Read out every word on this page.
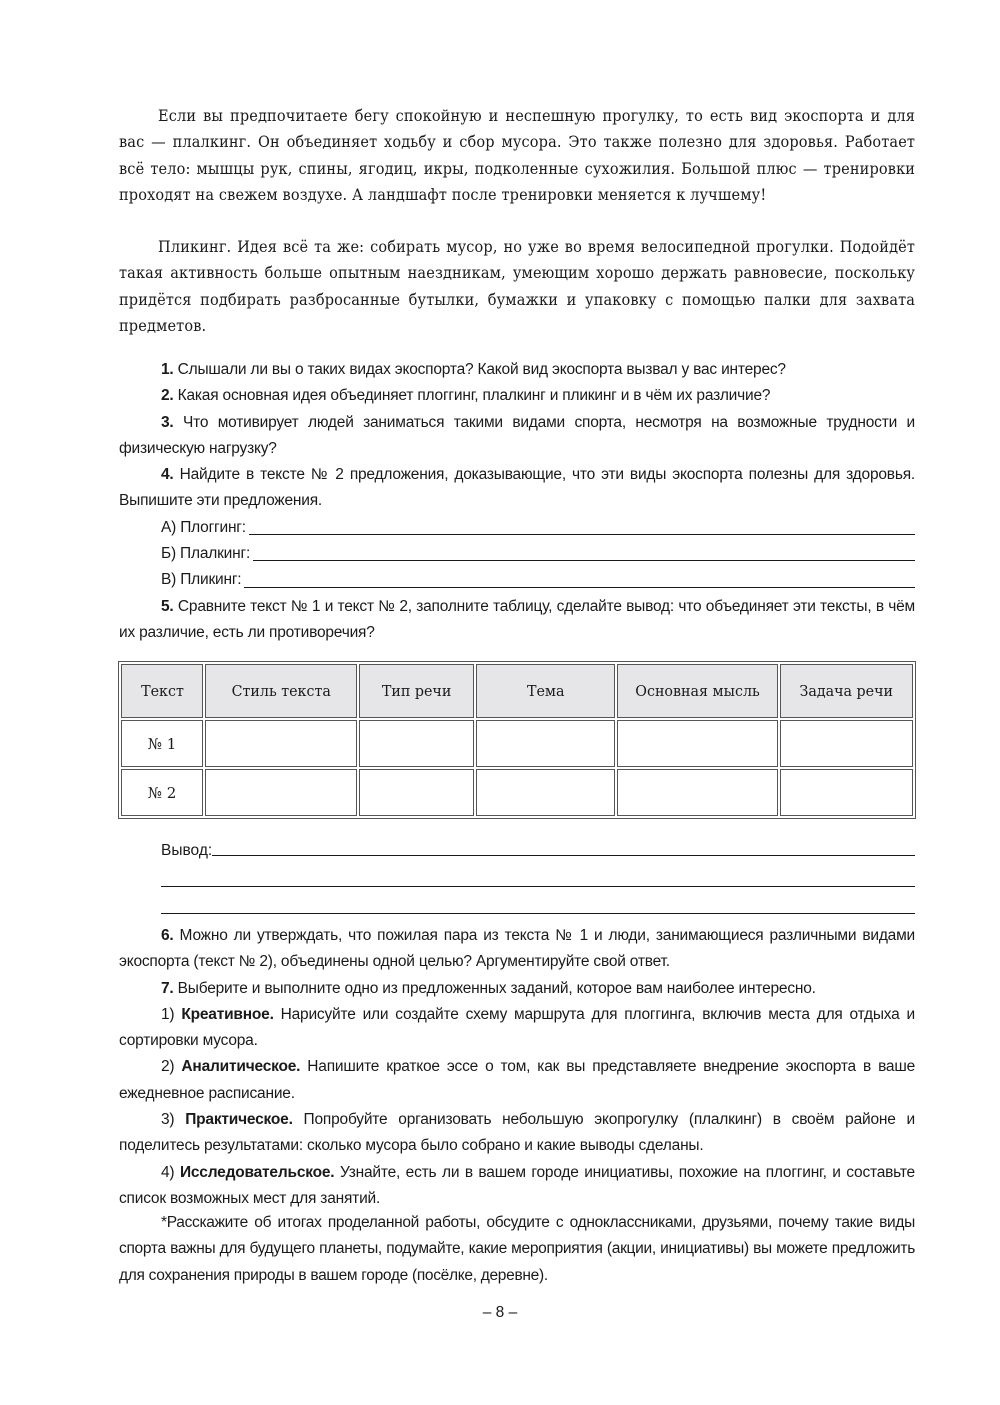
Если вы предпочитаете бегу спокойную и неспешную прогулку, то есть вид экоспорта и для вас — плалкинг. Он объединяет ходьбу и сбор мусора. Это также полезно для здоровья. Работает всё тело: мышцы рук, спины, ягодиц, икры, подколенные сухожилия. Большой плюс — тренировки проходят на свежем воздухе. А ландшафт после тренировки меняется к лучшему!

Пликинг. Идея всё та же: собирать мусор, но уже во время велосипедной прогулки. Подойдёт такая активность больше опытным наездникам, умеющим хорошо держать равновесие, поскольку придётся подбирать разбросанные бутылки, бумажки и упаковку с помощью палки для захвата предметов.

1. Слышали ли вы о таких видах экоспорта? Какой вид экоспорта вызвал у вас интерес?

2. Какая основная идея объединяет плоггинг, плалкинг и пликинг и в чём их различие?

3. Что мотивирует людей заниматься такими видами спорта, несмотря на возможные трудности и физическую нагрузку?

4. Найдите в тексте № 2 предложения, доказывающие, что эти виды экоспорта полезны для здоровья. Выпишите эти предложения.

А) Плоггинг:
Б) Плалкинг:
В) Пликинг:

5. Сравните текст № 1 и текст № 2, заполните таблицу, сделайте вывод: что объединяет эти тексты, в чём их различие, есть ли противоречия?

Текст	Стиль текста	Тип речи	Тема	Основная мысль	Задача речи
№ 1					
№ 2					
Вывод:

6. Можно ли утверждать, что пожилая пара из текста № 1 и люди, занимающиеся различными видами экоспорта (текст № 2), объединены одной целью? Аргументируйте свой ответ.

7. Выберите и выполните одно из предложенных заданий, которое вам наиболее интересно.

1) Креативное. Нарисуйте или создайте схему маршрута для плоггинга, включив места для отдыха и сортировки мусора.

2) Аналитическое. Напишите краткое эссе о том, как вы представляете внедрение экоспорта в ваше ежедневное расписание.

3) Практическое. Попробуйте организовать небольшую экопрогулку (плалкинг) в своём районе и поделитесь результатами: сколько мусора было собрано и какие выводы сделаны.

4) Исследовательское. Узнайте, есть ли в вашем городе инициативы, похожие на плоггинг, и составьте список возможных мест для занятий.

*Расскажите об итогах проделанной работы, обсудите с одноклассниками, друзьями, почему такие виды спорта важны для будущего планеты, подумайте, какие мероприятия (акции, инициативы) вы можете предложить для сохранения природы в вашем городе (посёлке, деревне).

– 8 –
